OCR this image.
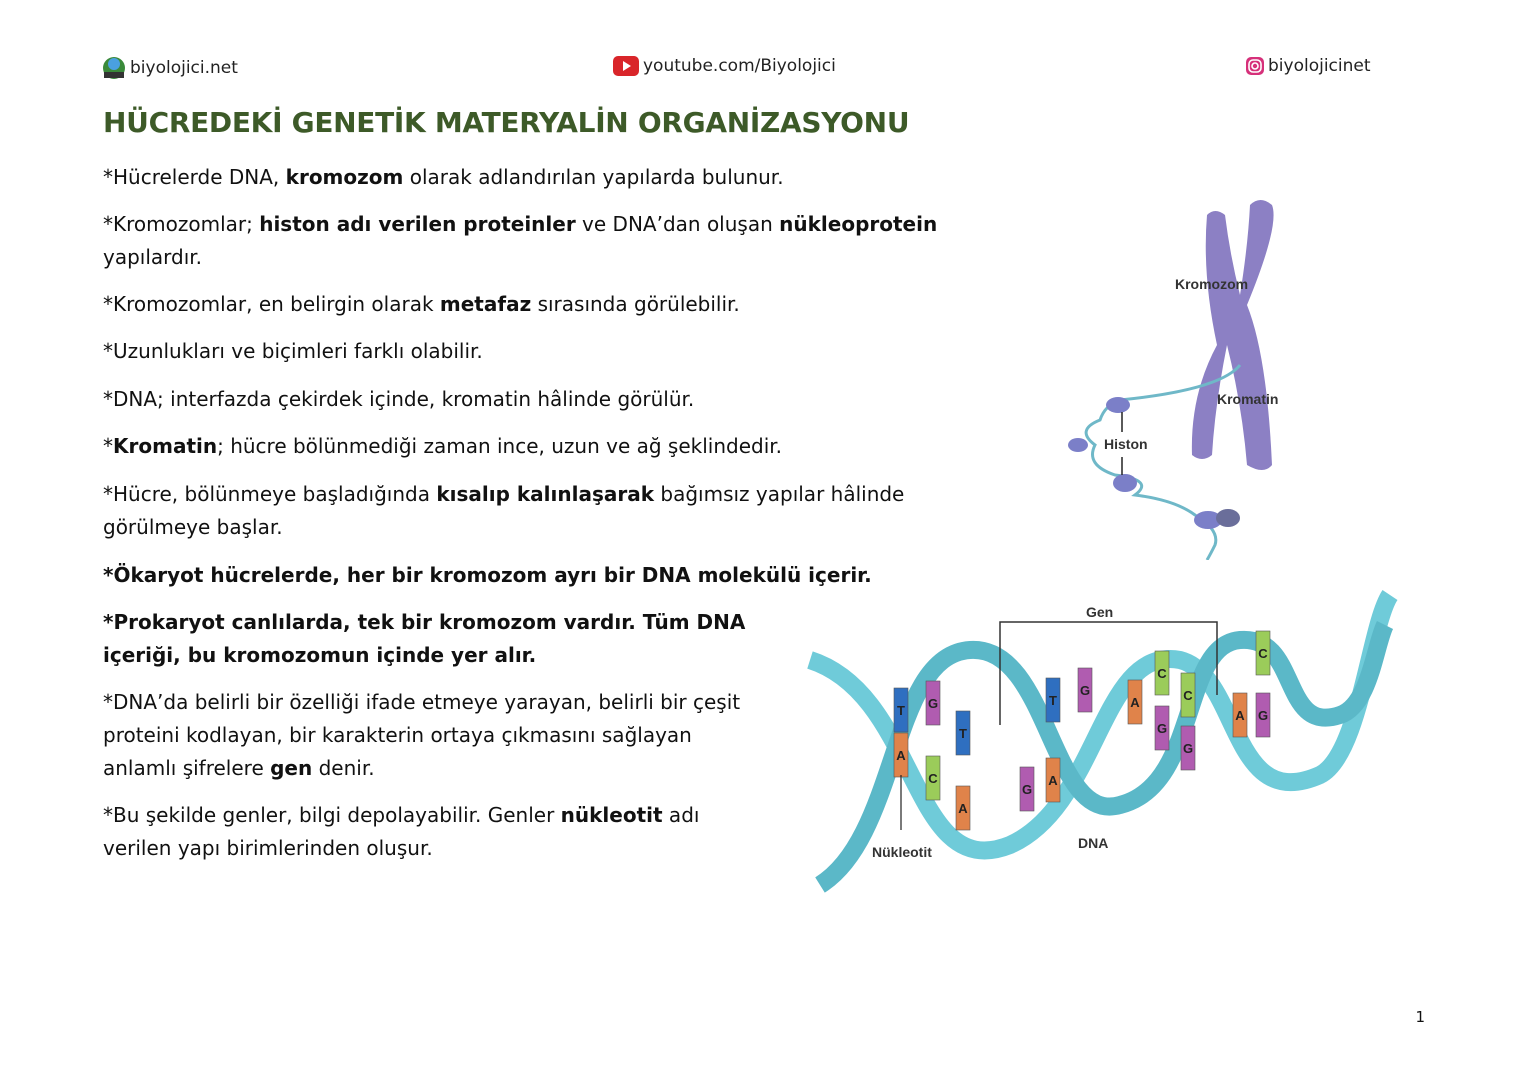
biyolojici.net	youtube.com/Biyolojici	biyolojicinet
HÜCREDEKİ GENETİK MATERYALİN ORGANİZASYONU
*Hücrelerde DNA, kromozom olarak adlandırılan yapılarda bulunur.
*Kromozomlar; histon adı verilen proteinler ve DNA’dan oluşan nükleoprotein yapılardır.
*Kromozomlar, en belirgin olarak metafaz sırasında görülebilir.
*Uzunlukları ve biçimleri farklı olabilir.
*DNA; interfazda çekirdek içinde, kromatin hâlinde görülür.
*Kromatin; hücre bölünmediği zaman ince, uzun ve ağ şeklindedir.
*Hücre, bölünmeye başladığında kısalıp kalınlaşarak bağımsız yapılar hâlinde görülmeye başlar.
*Ökaryot hücrelerde, her bir kromozom ayrı bir DNA molekülü içerir.
*Prokaryot canlılarda, tek bir kromozom vardır. Tüm DNA içeriği, bu kromozomun içinde yer alır.
*DNA’da belirli bir özelliği ifade etmeye yarayan, belirli bir çeşit proteini kodlayan, bir karakterin ortaya çıkmasını sağlayan anlamlı şifrelere gen denir.
*Bu şekilde genler, bilgi depolayabilir. Genler nükleotit adı verilen yapı birimlerinden oluşur.
Kromozom
Kromatin
Histon
T
A
G
C
T
A
G
T
A
G
A
C
G
C
G
A
C
G
Gen
DNA
Nükleotit
1
